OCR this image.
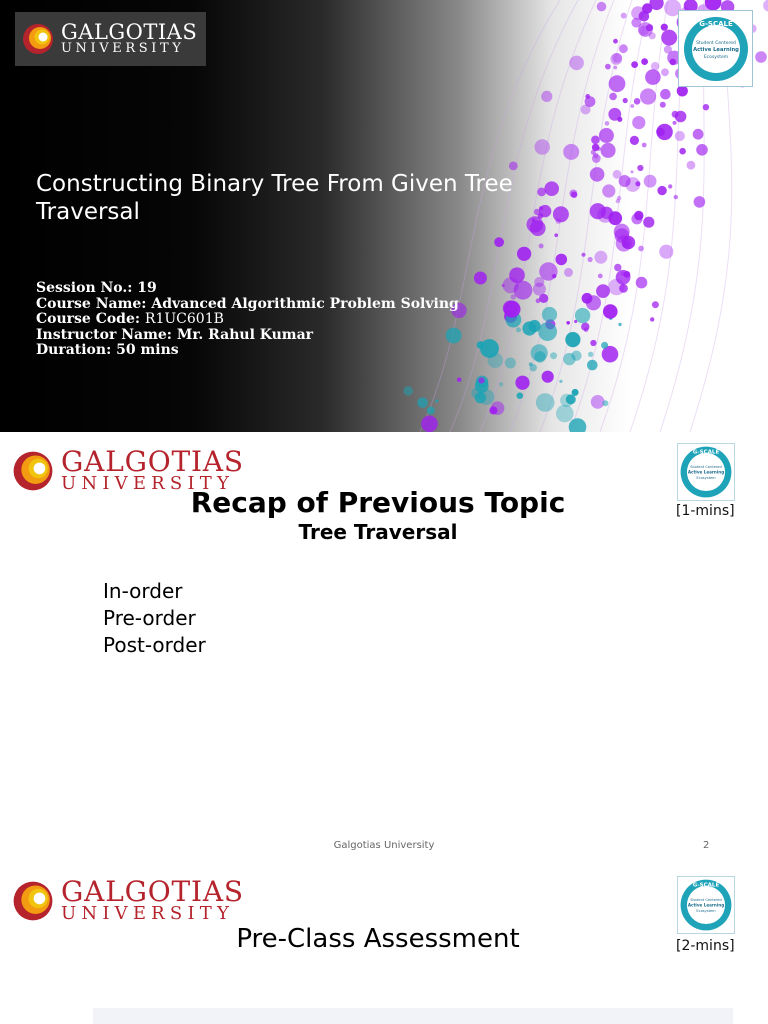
GALGOTIAS
UNIVERSITY
G-SCALE
Student Centered
Active Learning
Ecosystem
Constructing Binary Tree From Given Tree Traversal
Session No.: 19
Course Name: Advanced Algorithmic Problem Solving
Course Code: R1UC601B
Instructor Name: Mr. Rahul Kumar
Duration: 50 mins
GALGOTIAS
UNIVERSITY
G-SCALE
Student Centered
Active Learning
Ecosystem
[1-mins]
Recap of Previous Topic
Tree Traversal
In-order
Pre-order
Post-order
Galgotias University	2
GALGOTIAS
UNIVERSITY
G-SCALE
Student Centered
Active Learning
Ecosystem
[2-mins]
Pre-Class Assessment
